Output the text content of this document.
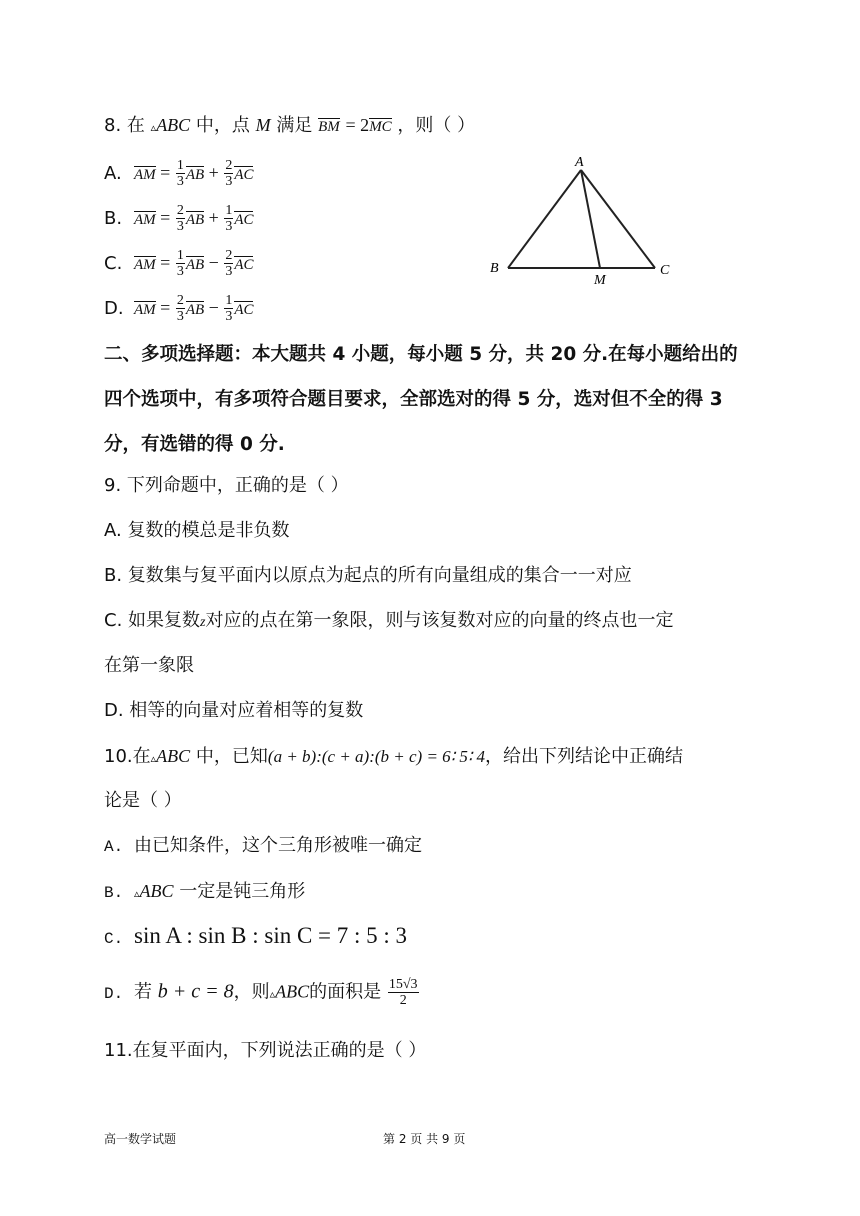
8. 在 ▵ABC 中，点 M 满足 BM = 2MC ，则（ ）
A. AM = $\frac{1}{3}$ AB + $\frac{2}{3}$ AC
B. AM = $\frac{2}{3}$ AB + $\frac{1}{3}$ AC
C. AM = $\frac{1}{3}$ AB − $\frac{2}{3}$ AC
D. AM = $\frac{2}{3}$ AB − $\frac{1}{3}$ AC
A
B	C
M
二、多项选择题：本大题共 4 小题，每小题 5 分，共 20 分.在每小题给出的
四个选项中，有多项符合题目要求，全部选对的得 5 分，选对但不全的得 3
分，有选错的得 0 分.
9. 下列命题中，正确的是（ ）
A. 复数的模总是非负数
B. 复数集与复平面内以原点为起点的所有向量组成的集合一一对应
C. 如果复数z对应的点在第一象限，则与该复数对应的向量的终点也一定
在第一象限
D. 相等的向量对应着相等的复数
10.在▵ABC 中，已知(a + b):(c + a):(b + c) = 6∶ 5∶ 4，给出下列结论中正确结
论是（ ）
A. 由已知条件，这个三角形被唯一确定
B. ▵ABC 一定是钝三角形
C. sin A : sin B : sin C = 7 : 5 : 3
D. 若 b + c = 8，则▵ABC的面积是 $\frac{15√3}{2}$
11.在复平面内，下列说法正确的是（ ）
高一数学试题	第 2 页 共 9 页
